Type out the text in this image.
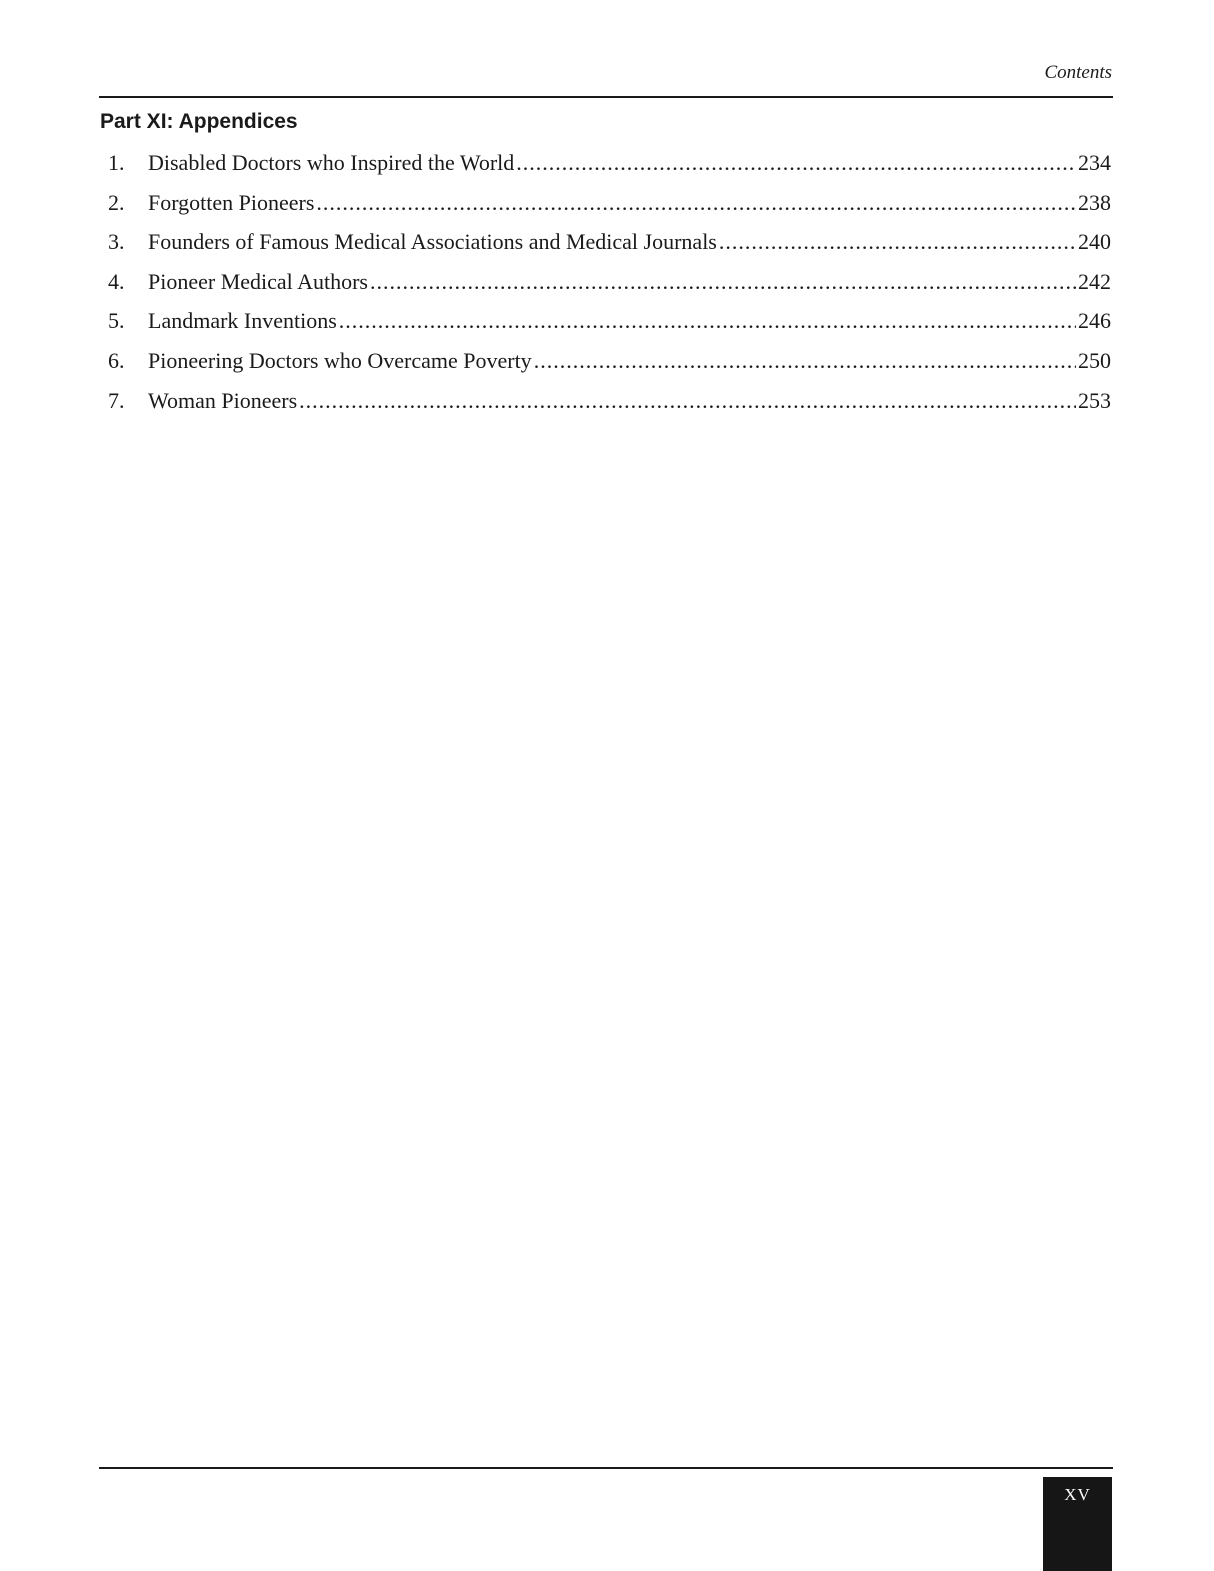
Contents
Part XI: Appendices
1.	Disabled Doctors who Inspired the World .....	234
2.	Forgotten Pioneers .....	238
3.	Founders of Famous Medical Associations and Medical Journals .....	240
4.	Pioneer Medical Authors .....	242
5.	Landmark Inventions .....	246
6.	Pioneering Doctors who Overcame Poverty .....	250
7.	Woman Pioneers .....	253
XV
